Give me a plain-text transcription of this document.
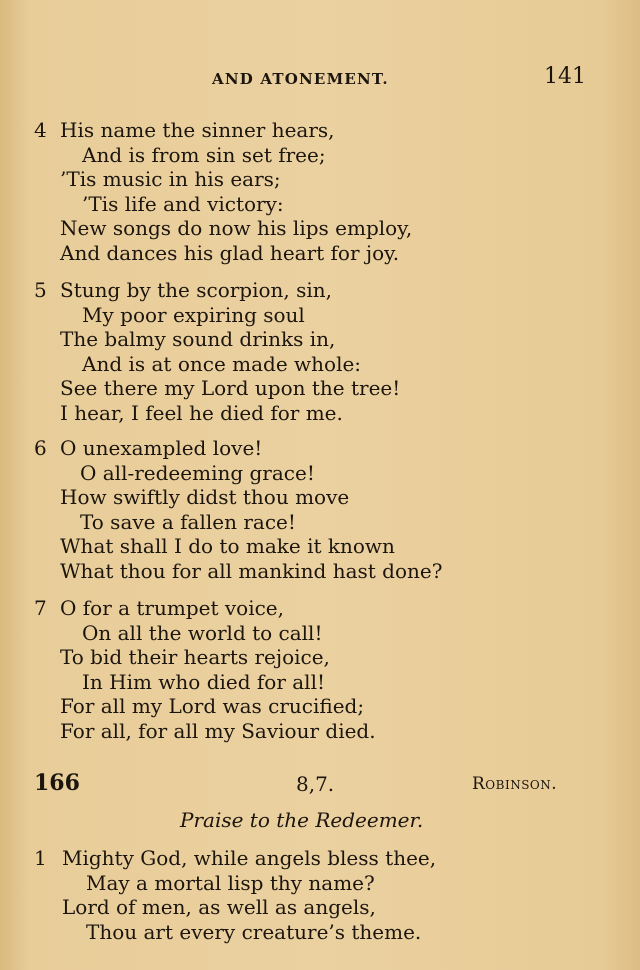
AND ATONEMENT.	141
4 His name the sinner hears,
And is from sin set free;
’Tis music in his ears;
’Tis life and victory:
New songs do now his lips employ,
And dances his glad heart for joy.
5 Stung by the scorpion, sin,
My poor expiring soul
The balmy sound drinks in,
And is at once made whole:
See there my Lord upon the tree!
I hear, I feel he died for me.
6 O unexampled love!
O all-redeeming grace!
How swiftly didst thou move
To save a fallen race!
What shall I do to make it known
What thou for all mankind hast done?
7 O for a trumpet voice,
On all the world to call!
To bid their hearts rejoice,
In Him who died for all!
For all my Lord was crucified;
For all, for all my Saviour died.
166	8,7.	Robinson.
Praise to the Redeemer.
1 Mighty God, while angels bless thee,
May a mortal lisp thy name?
Lord of men, as well as angels,
Thou art every creature’s theme.
